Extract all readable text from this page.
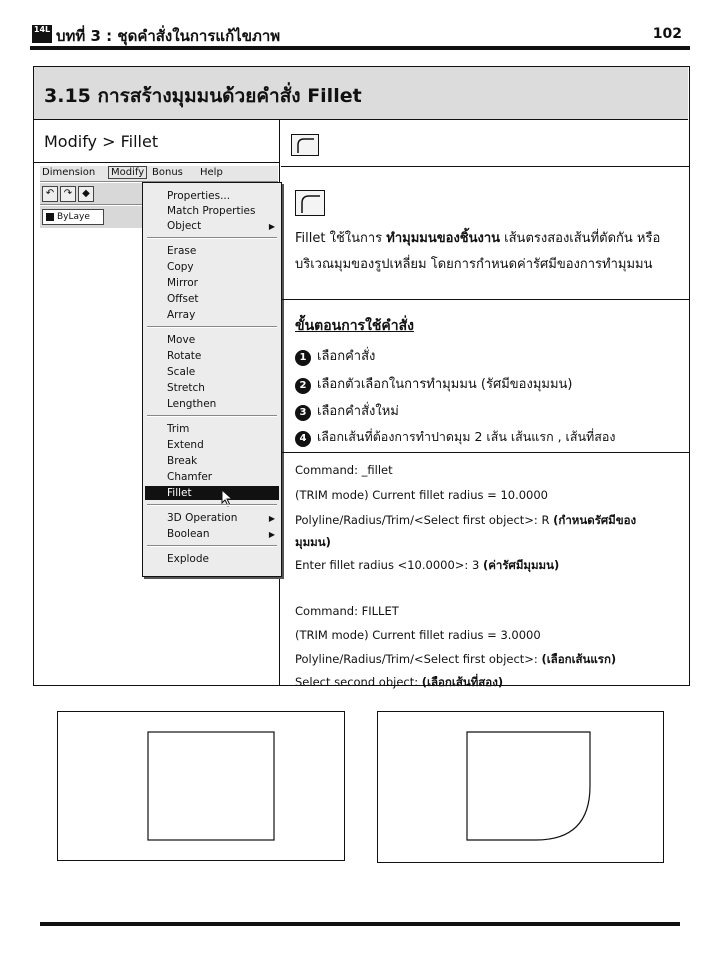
14L บทที่ 3 : ชุดคำสั่งในการแก้ไขภาพ	102
3.15 การสร้างมุมมนด้วยคำสั่ง Fillet
Modify > Fillet
Dimension	Modify Bonus Help
↶ ↷ ◆
ByLaye
Properties...
Match Properties
Object	▶
Erase
Copy
Mirror
Offset
Array
Move
Rotate
Scale
Stretch
Lengthen
Trim
Extend
Break
Chamfer
Fillet
3D Operation	▶
Boolean	▶
Explode

Fillet ใช้ในการ ทำมุมมนของชิ้นงาน เส้นตรงสองเส้นที่ตัดกัน หรือ บริเวณมุมของรูปเหลี่ยม โดยการกำหนดค่ารัศมีของการทำมุมมน

ขั้นตอนการใช้คำสั่ง
1 เลือกคำสั่ง
2 เลือกตัวเลือกในการทำมุมมน (รัศมีของมุมมน)
3 เลือกคำสั่งใหม่
4 เลือกเส้นที่ต้องการทำปาดมุม 2 เส้น เส้นแรก , เส้นที่สอง
Command: _fillet
(TRIM mode) Current fillet radius = 10.0000
Polyline/Radius/Trim/<Select first object>: R (กำหนดรัศมีของ
มุมมน)
Enter fillet radius <10.0000>: 3 (ค่ารัศมีมุมมน)
Command: FILLET
(TRIM mode) Current fillet radius = 3.0000
Polyline/Radius/Trim/<Select first object>: (เลือกเส้นแรก)
Select second object: (เลือกเส้นที่สอง)
